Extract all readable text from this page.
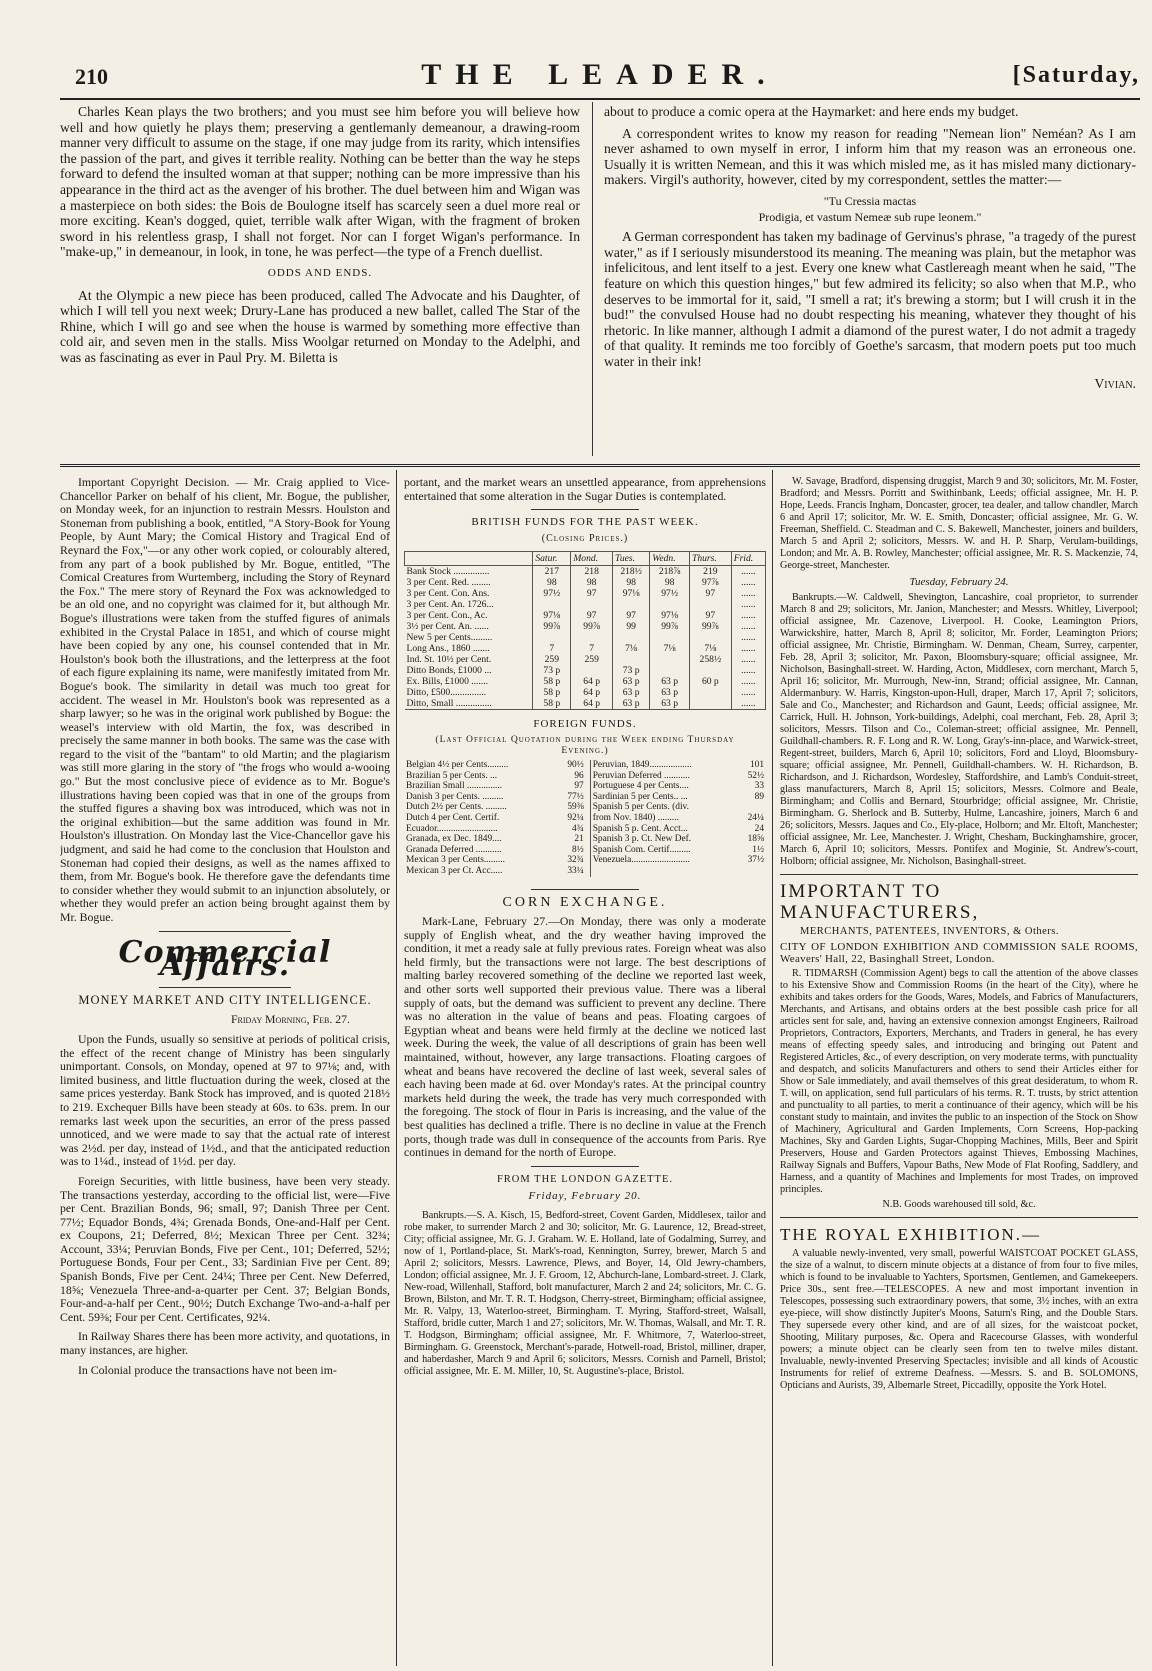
210	THE LEADER.	[Saturday,

Charles Kean plays the two brothers; and you must see him before you will believe how well and how quietly he plays them; preserving a gentlemanly demeanour, a drawing-room manner very difficult to assume on the stage, if one may judge from its rarity, which intensifies the passion of the part, and gives it terrible reality. Nothing can be better than the way he steps forward to defend the insulted woman at that supper; nothing can be more impressive than his appearance in the third act as the avenger of his brother. The duel between him and Wigan was a masterpiece on both sides: the Bois de Boulogne itself has scarcely seen a duel more real or more exciting. Kean's dogged, quiet, terrible walk after Wigan, with the fragment of broken sword in his relentless grasp, I shall not forget. Nor can I forget Wigan's performance. In "make-up," in demeanour, in look, in tone, he was perfect—the type of a French duellist.

ODDS AND ENDS.

At the Olympic a new piece has been produced, called The Advocate and his Daughter, of which I will tell you next week; Drury-Lane has produced a new ballet, called The Star of the Rhine, which I will go and see when the house is warmed by something more effective than cold air, and seven men in the stalls. Miss Woolgar returned on Monday to the Adelphi, and was as fascinating as ever in Paul Pry. M. Biletta is

about to produce a comic opera at the Haymarket: and here ends my budget.

A correspondent writes to know my reason for reading "Nemean lion" Neméan? As I am never ashamed to own myself in error, I inform him that my reason was an erroneous one. Usually it is written Nemean, and this it was which misled me, as it has misled many dictionary-makers. Virgil's authority, however, cited by my correspondent, settles the matter:—

"Tu Cressia mactas

Prodigia, et vastum Nemeæ sub rupe leonem."

A German correspondent has taken my badinage of Gervinus's phrase, "a tragedy of the purest water," as if I seriously misunderstood its meaning. The meaning was plain, but the metaphor was infelicitous, and lent itself to a jest. Every one knew what Castlereagh meant when he said, "The feature on which this question hinges," but few admired its felicity; so also when that M.P., who deserves to be immortal for it, said, "I smell a rat; it's brewing a storm; but I will crush it in the bud!" the convulsed House had no doubt respecting his meaning, whatever they thought of his rhetoric. In like manner, although I admit a diamond of the purest water, I do not admit a tragedy of that quality. It reminds me too forcibly of Goethe's sarcasm, that modern poets put too much water in their ink!

Vivian.

Important Copyright Decision. — Mr. Craig applied to Vice-Chancellor Parker on behalf of his client, Mr. Bogue, the publisher, on Monday week, for an injunction to restrain Messrs. Houlston and Stoneman from publishing a book, entitled, "A Story-Book for Young People, by Aunt Mary; the Comical History and Tragical End of Reynard the Fox,"—or any other work copied, or colourably altered, from any part of a book published by Mr. Bogue, entitled, "The Comical Creatures from Wurtemberg, including the Story of Reynard the Fox." The mere story of Reynard the Fox was acknowledged to be an old one, and no copyright was claimed for it, but although Mr. Bogue's illustrations were taken from the stuffed figures of animals exhibited in the Crystal Palace in 1851, and which of course might have been copied by any one, his counsel contended that in Mr. Houlston's book both the illustrations, and the letterpress at the foot of each figure explaining its name, were manifestly imitated from Mr. Bogue's book. The similarity in detail was much too great for accident. The weasel in Mr. Houlston's book was represented as a sharp lawyer; so he was in the original work published by Bogue: the weasel's interview with old Martin, the fox, was described in precisely the same manner in both books. The same was the case with regard to the visit of the "bantam" to old Martin; and the plagiarism was still more glaring in the story of "the frogs who would a-wooing go." But the most conclusive piece of evidence as to Mr. Bogue's illustrations having been copied was that in one of the groups from the stuffed figures a shaving box was introduced, which was not in the original exhibition—but the same addition was found in Mr. Houlston's illustration. On Monday last the Vice-Chancellor gave his judgment, and said he had come to the conclusion that Houlston and Stoneman had copied their designs, as well as the names affixed to them, from Mr. Bogue's book. He therefore gave the defendants time to consider whether they would submit to an injunction absolutely, or whether they would prefer an action being brought against them by Mr. Bogue.

Commercial Affairs.
MONEY MARKET AND CITY INTELLIGENCE.

Friday Morning, Feb. 27.

Upon the Funds, usually so sensitive at periods of political crisis, the effect of the recent change of Ministry has been singularly unimportant. Consols, on Monday, opened at 97 to 97⅛; and, with limited business, and little fluctuation during the week, closed at the same prices yesterday. Bank Stock has improved, and is quoted 218½ to 219. Exchequer Bills have been steady at 60s. to 63s. prem. In our remarks last week upon the securities, an error of the press passed unnoticed, and we were made to say that the actual rate of interest was 2½d. per day, instead of 1½d., and that the anticipated reduction was to 1¼d., instead of 1½d. per day.

Foreign Securities, with little business, have been very steady. The transactions yesterday, according to the official list, were—Five per Cent. Brazilian Bonds, 96; small, 97; Danish Three per Cent. 77½; Equador Bonds, 4¾; Grenada Bonds, One-and-Half per Cent. ex Coupons, 21; Deferred, 8½; Mexican Three per Cent. 32¾; Account, 33¼; Peruvian Bonds, Five per Cent., 101; Deferred, 52½; Portuguese Bonds, Four per Cent., 33; Sardinian Five per Cent. 89; Spanish Bonds, Five per Cent. 24¼; Three per Cent. New Deferred, 18⅝; Venezuela Three-and-a-quarter per Cent. 37; Belgian Bonds, Four-and-a-half per Cent., 90½; Dutch Exchange Two-and-a-half per Cent. 59⅜; Four per Cent. Certificates, 92¼.

In Railway Shares there has been more activity, and quotations, in many instances, are higher.

In Colonial produce the transactions have not been im-

portant, and the market wears an unsettled appearance, from apprehensions entertained that some alteration in the Sugar Duties is contemplated.

BRITISH FUNDS FOR THE PAST WEEK.
(Closing Prices.)
	Satur.	Mond.	Tues.	Wedn.	Thurs.	Frid.
Bank Stock ...............	217	218	218½	218⅞	219	......
3 per Cent. Red. ........	98	98	98	98	97⅞	......
3 per Cent. Con. Ans.	97½	97	97⅛	97½	97	......
3 per Cent. An. 1726...						......
3 per Cent. Con., Ac.	97⅛	97	97	97⅛	97	......
3½ per Cent. An. ......	99⅞	99⅞	99	99⅞	99⅞	......
New 5 per Cents.........						......
Long Ans., 1860 .......	7	7	7⅛	7⅛	7⅛	......
Ind. St. 10½ per Cent.	259	259			258½	......
Ditto Bonds, £1000 ...	73 p		73 p			......
Ex. Bills, £1000 .......	58 p	64 p	63 p	63 p	60 p	......
Ditto, £500...............	58 p	64 p	63 p	63 p		......
Ditto, Small ...............	58 p	64 p	63 p	63 p		......
FOREIGN FUNDS.
(Last Official Quotation during the Week ending Thursday Evening.)
Belgian 4½ per Cents.........	90½	Peruvian, 1849..................	101
Brazilian 5 per Cents. ...	96	Peruvian Deferred ...........	52½
Brazilian Small ...............	97	Portuguese 4 per Cents....	33
Danish 3 per Cents. .........	77½	Sardinian 5 per Cents.. ...	89
Dutch 2½ per Cents. .........	59⅜	Spanish 5 per Cents. (div.	
Dutch 4 per Cent. Certif.	92¼	from Nov. 1840) .........	24¼
Ecuador..........................	4¾	Spanish 5 p. Cent. Acct...	24
Granada, ex Dec. 1849....	21	Spanish 3 p. Ct. New Def.	18⅝
Granada Deferred ...........	8½	Spanish Com. Certif.........	1½
Mexican 3 per Cents.........	32¾	Venezuela.........................	37½
Mexican 3 per Ct. Acc.....	33¼		
CORN EXCHANGE.

Mark-Lane, February 27.—On Monday, there was only a moderate supply of English wheat, and the dry weather having improved the condition, it met a ready sale at fully previous rates. Foreign wheat was also held firmly, but the transactions were not large. The best descriptions of malting barley recovered something of the decline we reported last week, and other sorts well supported their previous value. There was a liberal supply of oats, but the demand was sufficient to prevent any decline. There was no alteration in the value of beans and peas. Floating cargoes of Egyptian wheat and beans were held firmly at the decline we noticed last week. During the week, the value of all descriptions of grain has been well maintained, without, however, any large transactions. Floating cargoes of wheat and beans have recovered the decline of last week, several sales of each having been made at 6d. over Monday's rates. At the principal country markets held during the week, the trade has very much corresponded with the foregoing. The stock of flour in Paris is increasing, and the value of the best qualities has declined a trifle. There is no decline in value at the French ports, though trade was dull in consequence of the accounts from Paris. Rye continues in demand for the north of Europe.

FROM THE LONDON GAZETTE.
Friday, February 20.

Bankrupts.—S. A. Kisch, 15, Bedford-street, Covent Garden, Middlesex, tailor and robe maker, to surrender March 2 and 30; solicitor, Mr. G. Laurence, 12, Bread-street, City; official assignee, Mr. G. J. Graham. W. E. Holland, late of Godalming, Surrey, and now of 1, Portland-place, St. Mark's-road, Kennington, Surrey, brewer, March 5 and April 2; solicitors, Messrs. Lawrence, Plews, and Boyer, 14, Old Jewry-chambers, London; official assignee, Mr. J. F. Groom, 12, Abchurch-lane, Lombard-street. J. Clark, New-road, Willenhall, Stafford, bolt manufacturer, March 2 and 24; solicitors, Mr. C. G. Brown, Bilston, and Mr. T. R. T. Hodgson, Cherry-street, Birmingham; official assignee, Mr. R. Valpy, 13, Waterloo-street, Birmingham. T. Myring, Stafford-street, Walsall, Stafford, bridle cutter, March 1 and 27; solicitors, Mr. W. Thomas, Walsall, and Mr. T. R. T. Hodgson, Birmingham; official assignee, Mr. F. Whitmore, 7, Waterloo-street, Birmingham. G. Greenstock, Merchant's-parade, Hotwell-road, Bristol, milliner, draper, and haberdasher, March 9 and April 6; solicitors, Messrs. Cornish and Parnell, Bristol; official assignee, Mr. E. M. Miller, 10, St. Augustine's-place, Bristol.

W. Savage, Bradford, dispensing druggist, March 9 and 30; solicitors, Mr. M. Foster, Bradford; and Messrs. Porritt and Swithinbank, Leeds; official assignee, Mr. H. P. Hope, Leeds. Francis Ingham, Doncaster, grocer, tea dealer, and tallow chandler, March 6 and April 17; solicitor, Mr. W. E. Smith, Doncaster; official assignee, Mr. G. W. Freeman, Sheffield. C. Steadman and C. S. Bakewell, Manchester, joiners and builders, March 5 and April 2; solicitors, Messrs. W. and H. P. Sharp, Verulam-buildings, London; and Mr. A. B. Rowley, Manchester; official assignee, Mr. R. S. Mackenzie, 74, George-street, Manchester.

Tuesday, February 24.

Bankrupts.—W. Caldwell, Shevington, Lancashire, coal proprietor, to surrender March 8 and 29; solicitors, Mr. Janion, Manchester; and Messrs. Whitley, Liverpool; official assignee, Mr. Cazenove, Liverpool. H. Cooke, Leamington Priors, Warwickshire, hatter, March 8, April 8; solicitor, Mr. Forder, Leamington Priors; official assignee, Mr. Christie, Birmingham. W. Denman, Cheam, Surrey, carpenter, Feb. 28, April 3; solicitor, Mr. Paxon, Bloomsbury-square; official assignee, Mr. Nicholson, Basinghall-street. W. Harding, Acton, Middlesex, corn merchant, March 5, April 16; solicitor, Mr. Murrough, New-inn, Strand; official assignee, Mr. Cannan, Aldermanbury. W. Harris, Kingston-upon-Hull, draper, March 17, April 7; solicitors, Sale and Co., Manchester; and Richardson and Gaunt, Leeds; official assignee, Mr. Carrick, Hull. H. Johnson, York-buildings, Adelphi, coal merchant, Feb. 28, April 3; solicitors, Messrs. Tilson and Co., Coleman-street; official assignee, Mr. Pennell, Guildhall-chambers. R. F. Long and R. W. Long, Gray's-inn-place, and Warwick-street, Regent-street, builders, March 6, April 10; solicitors, Ford and Lloyd, Bloomsbury-square; official assignee, Mr. Pennell, Guildhall-chambers. W. H. Richardson, B. Richardson, and J. Richardson, Wordesley, Staffordshire, and Lamb's Conduit-street, glass manufacturers, March 8, April 15; solicitors, Messrs. Colmore and Beale, Birmingham; and Collis and Bernard, Stourbridge; official assignee, Mr. Christie, Birmingham. G. Sherlock and B. Sutterby, Hulme, Lancashire, joiners, March 6 and 26; solicitors, Messrs. Jaques and Co., Ely-place, Holborn; and Mr. Eltoft, Manchester; official assignee, Mr. Lee, Manchester. J. Wright, Chesham, Buckinghamshire, grocer, March 6, April 10; solicitors, Messrs. Pontifex and Moginie, St. Andrew's-court, Holborn; official assignee, Mr. Nicholson, Basinghall-street.

IMPORTANT TO MANUFACTURERS,

MERCHANTS, PATENTEES, INVENTORS, & Others.

CITY OF LONDON EXHIBITION AND COMMISSION SALE ROOMS, Weavers' Hall, 22, Basinghall Street, London.

R. TIDMARSH (Commission Agent) begs to call the attention of the above classes to his Extensive Show and Commission Rooms (in the heart of the City), where he exhibits and takes orders for the Goods, Wares, Models, and Fabrics of Manufacturers, Merchants, and Artisans, and obtains orders at the best possible cash price for all articles sent for sale, and, having an extensive connexion amongst Engineers, Railroad Proprietors, Contractors, Exporters, Merchants, and Traders in general, he has every means of effecting speedy sales, and introducing and bringing out Patent and Registered Articles, &c., of every description, on very moderate terms, with punctuality and despatch, and solicits Manufacturers and others to send their Articles either for Show or Sale immediately, and avail themselves of this great desideratum, to whom R. T. will, on application, send full particulars of his terms. R. T. trusts, by strict attention and punctuality to all parties, to merit a continuance of their agency, which will be his constant study to maintain, and invites the public to an inspection of the Stock on Show of Machinery, Agricultural and Garden Implements, Corn Screens, Hop-packing Machines, Sky and Garden Lights, Sugar-Chopping Machines, Mills, Beer and Spirit Preservers, House and Garden Protectors against Thieves, Embossing Machines, Railway Signals and Buffers, Vapour Baths, New Mode of Flat Roofing, Saddlery, and Harness, and a quantity of Machines and Implements for most Trades, on improved principles.

N.B. Goods warehoused till sold, &c.

THE ROYAL EXHIBITION.—

A valuable newly-invented, very small, powerful WAISTCOAT POCKET GLASS, the size of a walnut, to discern minute objects at a distance of from four to five miles, which is found to be invaluable to Yachters, Sportsmen, Gentlemen, and Gamekeepers. Price 30s., sent free.—TELESCOPES. A new and most important invention in Telescopes, possessing such extraordinary powers, that some, 3½ inches, with an extra eye-piece, will show distinctly Jupiter's Moons, Saturn's Ring, and the Double Stars. They supersede every other kind, and are of all sizes, for the waistcoat pocket, Shooting, Military purposes, &c. Opera and Racecourse Glasses, with wonderful powers; a minute object can be clearly seen from ten to twelve miles distant. Invaluable, newly-invented Preserving Spectacles; invisible and all kinds of Acoustic Instruments for relief of extreme Deafness. —Messrs. S. and B. SOLOMONS, Opticians and Aurists, 39, Albemarle Street, Piccadilly, opposite the York Hotel.
